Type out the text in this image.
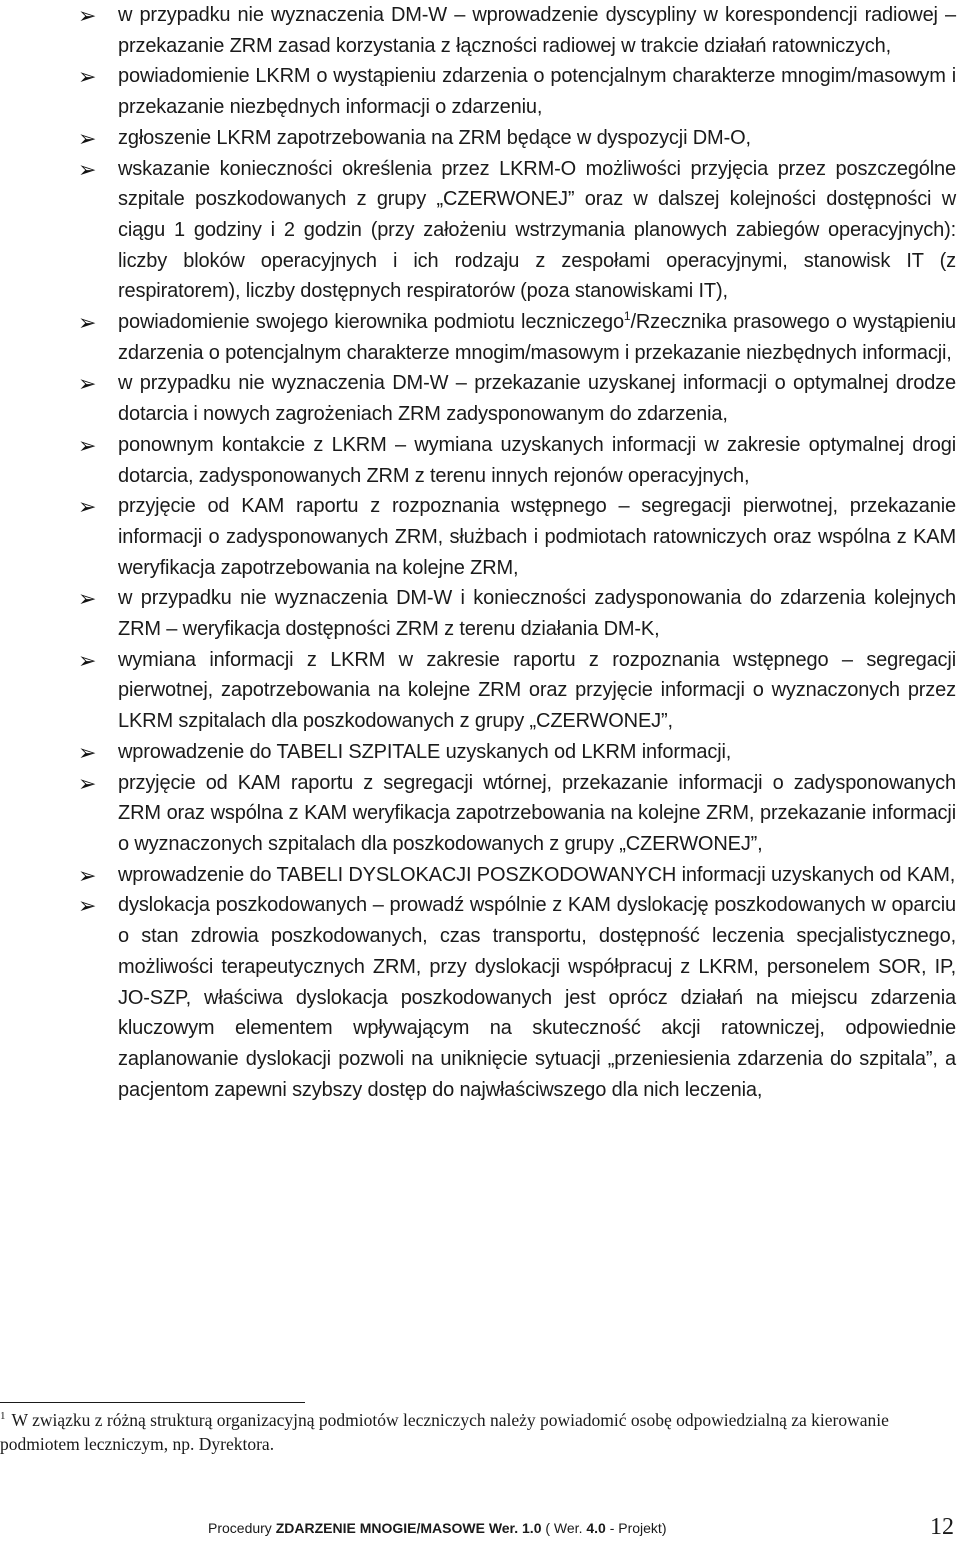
➢ w przypadku nie wyznaczenia DM-W – wprowadzenie dyscypliny w korespondencji radiowej – przekazanie ZRM zasad korzystania z łączności radiowej w trakcie działań ratowniczych,
➢ powiadomienie LKRM o wystąpieniu zdarzenia o potencjalnym charakterze mnogim/masowym i przekazanie niezbędnych informacji o zdarzeniu,
➢ zgłoszenie LKRM zapotrzebowania na ZRM będące w dyspozycji DM-O,
➢ wskazanie konieczności określenia przez LKRM-O możliwości przyjęcia przez poszczególne szpitale poszkodowanych z grupy „CZERWONEJ” oraz w dalszej kolejności dostępności w ciągu 1 godziny i 2 godzin (przy założeniu wstrzymania planowych zabiegów operacyjnych): liczby bloków operacyjnych i ich rodzaju z zespołami operacyjnymi, stanowisk IT (z respiratorem), liczby dostępnych respiratorów (poza stanowiskami IT),
➢ powiadomienie swojego kierownika podmiotu leczniczego$^1$/Rzecznika prasowego o wystąpieniu zdarzenia o potencjalnym charakterze mnogim/masowym i przekazanie niezbędnych informacji,
➢ w przypadku nie wyznaczenia DM-W – przekazanie uzyskanej informacji o optymalnej drodze dotarcia i nowych zagrożeniach ZRM zadysponowanym do zdarzenia,
➢ ponownym kontakcie z LKRM – wymiana uzyskanych informacji w zakresie optymalnej drogi dotarcia, zadysponowanych ZRM z terenu innych rejonów operacyjnych,
➢ przyjęcie od KAM raportu z rozpoznania wstępnego – segregacji pierwotnej, przekazanie informacji o zadysponowanych ZRM, służbach i podmiotach ratowniczych oraz wspólna z KAM weryfikacja zapotrzebowania na kolejne ZRM,
➢ w przypadku nie wyznaczenia DM-W i konieczności zadysponowania do zdarzenia kolejnych ZRM – weryfikacja dostępności ZRM z terenu działania DM-K,
➢ wymiana informacji z LKRM w zakresie raportu z rozpoznania wstępnego – segregacji pierwotnej, zapotrzebowania na kolejne ZRM oraz przyjęcie informacji o wyznaczonych przez LKRM szpitalach dla poszkodowanych z grupy „CZERWONEJ”,
➢ wprowadzenie do TABELI SZPITALE uzyskanych od LKRM informacji,
➢ przyjęcie od KAM raportu z segregacji wtórnej, przekazanie informacji o zadysponowanych ZRM oraz wspólna z KAM weryfikacja zapotrzebowania na kolejne ZRM, przekazanie informacji o wyznaczonych szpitalach dla poszkodowanych z grupy „CZERWONEJ”,
➢ wprowadzenie do TABELI DYSLOKACJI POSZKODOWANYCH informacji uzyskanych od KAM,
➢ dyslokacja poszkodowanych – prowadź wspólnie z KAM dyslokację poszkodowanych w oparciu o stan zdrowia poszkodowanych, czas transportu, dostępność leczenia specjalistycznego, możliwości terapeutycznych ZRM, przy dyslokacji współpracuj z LKRM, personelem SOR, IP, JO-SZP, właściwa dyslokacja poszkodowanych jest oprócz działań na miejscu zdarzenia kluczowym elementem wpływającym na skuteczność akcji ratowniczej, odpowiednie zaplanowanie dyslokacji pozwoli na uniknięcie sytuacji „przeniesienia zdarzenia do szpitala”, a pacjentom zapewni szybszy dostęp do najwłaściwszego dla nich leczenia,
$^1$ W związku z różną strukturą organizacyjną podmiotów leczniczych należy powiadomić osobę odpowiedzialną za kierowanie podmiotem leczniczym, np. Dyrektora.
Procedury ZDARZENIE MNOGIE/MASOWE Wer. 1.0 ( Wer. 4.0 - Projekt)	12
